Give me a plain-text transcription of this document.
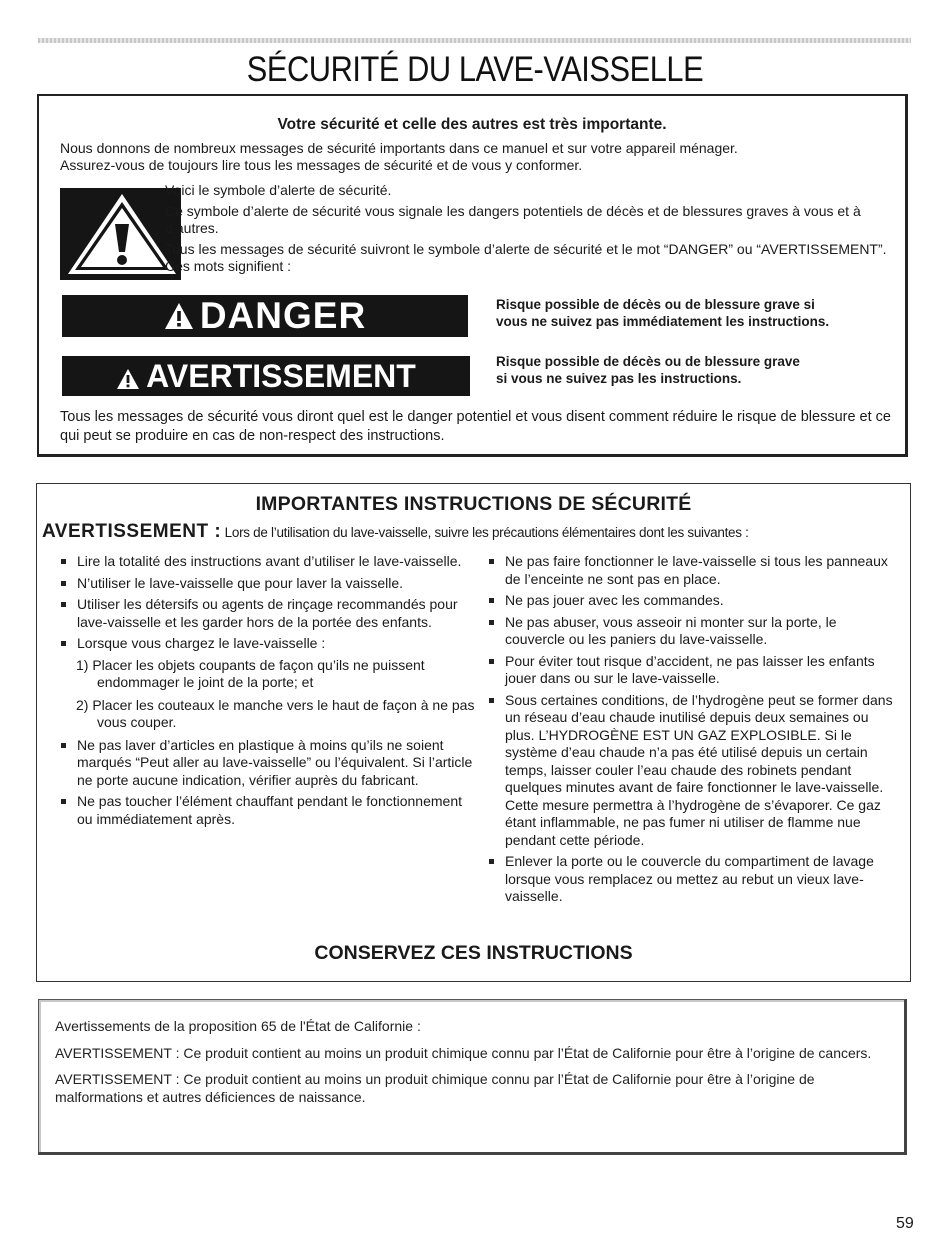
SÉCURITÉ DU LAVE-VAISSELLE
Votre sécurité et celle des autres est très importante.
Nous donnons de nombreux messages de sécurité importants dans ce manuel et sur votre appareil ménager.
Assurez-vous de toujours lire tous les messages de sécurité et de vous y conformer.

Voici le symbole d’alerte de sécurité.

Ce symbole d’alerte de sécurité vous signale les dangers potentiels de décès et de blessures graves à vous et à d’autres.

Tous les messages de sécurité suivront le symbole d’alerte de sécurité et le mot “DANGER” ou “AVERTISSEMENT”. Ces mots signifient :

DANGER	Risque possible de décès ou de blessure grave si
vous ne suivez pas immédiatement les instructions.
AVERTISSEMENT	Risque possible de décès ou de blessure grave
si vous ne suivez pas les instructions.
Tous les messages de sécurité vous diront quel est le danger potentiel et vous disent comment réduire le risque de blessure et ce qui peut se produire en cas de non-respect des instructions.
IMPORTANTES INSTRUCTIONS DE SÉCURITÉ
AVERTISSEMENT : Lors de l’utilisation du lave-vaisselle, suivre les précautions élémentaires dont les suivantes :
Lire la totalité des instructions avant d’utiliser le lave-vaisselle.
N’utiliser le lave-vaisselle que pour laver la vaisselle.
Utiliser les détersifs ou agents de rinçage recommandés pour lave-vaisselle et les garder hors de la portée des enfants.
Lorsque vous chargez le lave-vaisselle :
1) Placer les objets coupants de façon qu’ils ne puissent endommager le joint de la porte; et
2) Placer les couteaux le manche vers le haut de façon à ne pas vous couper.
Ne pas laver d’articles en plastique à moins qu’ils ne soient marqués “Peut aller au lave-vaisselle” ou l’équivalent. Si l’article ne porte aucune indication, vérifier auprès du fabricant.
Ne pas toucher l’élément chauffant pendant le fonctionnement ou immédiatement après.
Ne pas faire fonctionner le lave-vaisselle si tous les panneaux de l’enceinte ne sont pas en place.
Ne pas jouer avec les commandes.
Ne pas abuser, vous asseoir ni monter sur la porte, le couvercle ou les paniers du lave-vaisselle.
Pour éviter tout risque d’accident, ne pas laisser les enfants jouer dans ou sur le lave-vaisselle.
Sous certaines conditions, de l’hydrogène peut se former dans un réseau d’eau chaude inutilisé depuis deux semaines ou plus. L’HYDROGÈNE EST UN GAZ EXPLOSIBLE. Si le système d’eau chaude n’a pas été utilisé depuis un certain temps, laisser couler l’eau chaude des robinets pendant quelques minutes avant de faire fonctionner le lave-vaisselle. Cette mesure permettra à l’hydrogène de s’évaporer. Ce gaz étant inflammable, ne pas fumer ni utiliser de flamme nue pendant cette période.
Enlever la porte ou le couvercle du compartiment de lavage lorsque vous remplacez ou mettez au rebut un vieux lave-vaisselle.
CONSERVEZ CES INSTRUCTIONS

Avertissements de la proposition 65 de l'État de Californie :

AVERTISSEMENT : Ce produit contient au moins un produit chimique connu par l’État de Californie pour être à l’origine de cancers.

AVERTISSEMENT : Ce produit contient au moins un produit chimique connu par l’État de Californie pour être à l’origine de malformations et autres déficiences de naissance.

59
